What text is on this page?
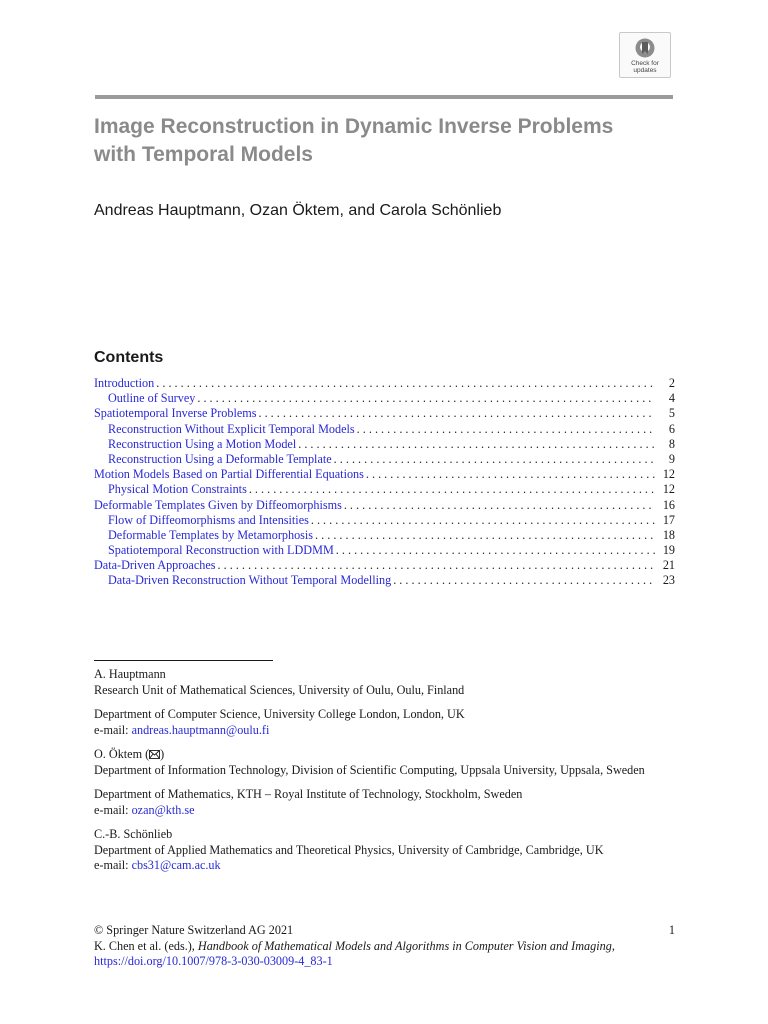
Check for
updates
Image Reconstruction in Dynamic Inverse Problems with Temporal Models
Andreas Hauptmann, Ozan Öktem, and Carola Schönlieb
Contents
Introduction . . .	2
Outline of Survey . . .	4
Spatiotemporal Inverse Problems . . .	5
Reconstruction Without Explicit Temporal Models . . .	6
Reconstruction Using a Motion Model . . .	8
Reconstruction Using a Deformable Template . . .	9
Motion Models Based on Partial Differential Equations . . .	12
Physical Motion Constraints . . .	12
Deformable Templates Given by Diffeomorphisms . . .	16
Flow of Diffeomorphisms and Intensities . . .	17
Deformable Templates by Metamorphosis . . .	18
Spatiotemporal Reconstruction with LDDMM . . .	19
Data-Driven Approaches . . .	21
Data-Driven Reconstruction Without Temporal Modelling . . .	23

A. Hauptmann

Research Unit of Mathematical Sciences, University of Oulu, Oulu, Finland

Department of Computer Science, University College London, London, UK

e-mail: andreas.hauptmann@oulu.fi

O. Öktem ( )

Department of Information Technology, Division of Scientific Computing, Uppsala University, Uppsala, Sweden

Department of Mathematics, KTH – Royal Institute of Technology, Stockholm, Sweden

e-mail: ozan@kth.se

C.-B. Schönlieb

Department of Applied Mathematics and Theoretical Physics, University of Cambridge, Cambridge, UK

e-mail: cbs31@cam.ac.uk

1

© Springer Nature Switzerland AG 2021

K. Chen et al. (eds.), Handbook of Mathematical Models and Algorithms in Computer Vision and Imaging, https://doi.org/10.1007/978-3-030-03009-4_83-1
